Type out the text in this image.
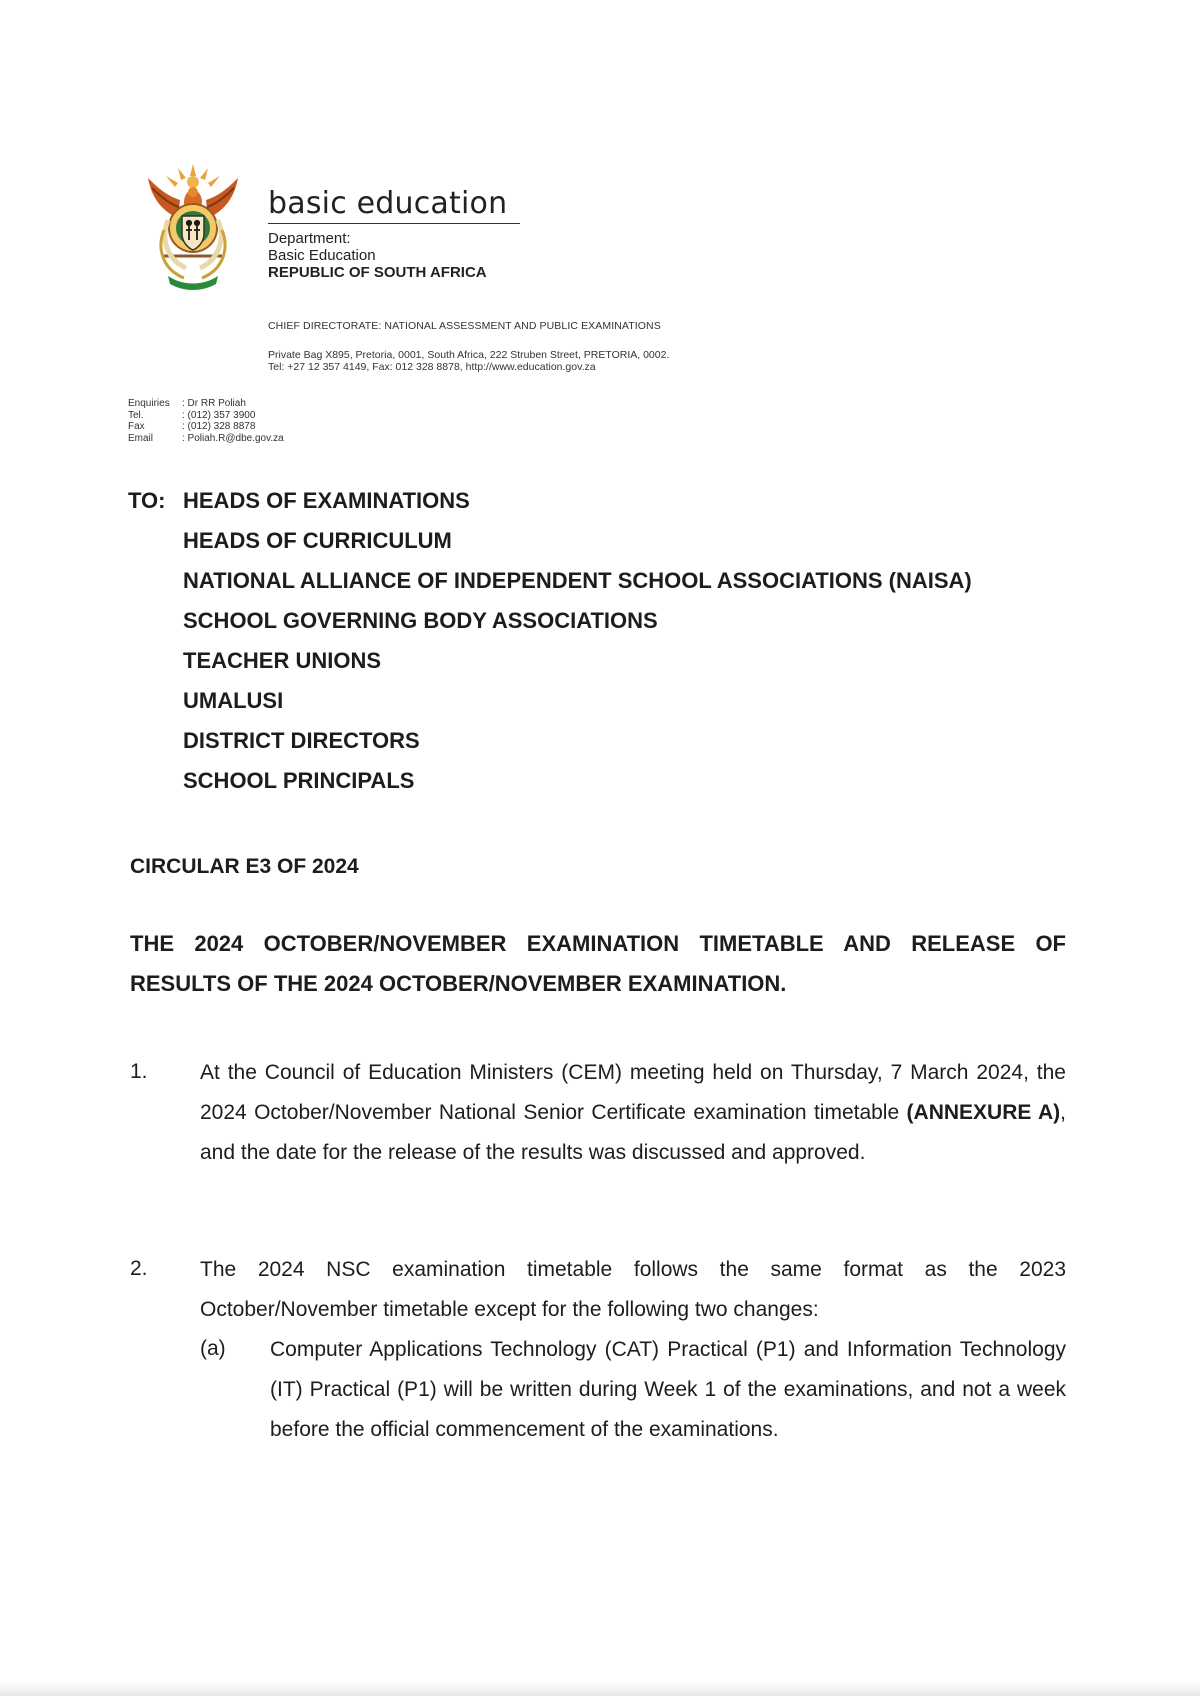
basic education
Department:
Basic Education
REPUBLIC OF SOUTH AFRICA
CHIEF DIRECTORATE: NATIONAL ASSESSMENT AND PUBLIC EXAMINATIONS
Private Bag X895, Pretoria, 0001, South Africa, 222 Struben Street, PRETORIA, 0002.
Tel: +27 12 357 4149, Fax: 012 328 8878, http://www.education.gov.za
Enquiries	: Dr RR Poliah
Tel.	: (012) 357 3900
Fax	: (012) 328 8878
Email	: Poliah.R@dbe.gov.za
TO: HEADS OF EXAMINATIONS
HEADS OF CURRICULUM
NATIONAL ALLIANCE OF INDEPENDENT SCHOOL ASSOCIATIONS (NAISA)
SCHOOL GOVERNING BODY ASSOCIATIONS
TEACHER UNIONS
UMALUSI
DISTRICT DIRECTORS
SCHOOL PRINCIPALS
CIRCULAR E3 OF 2024
THE 2024 OCTOBER/NOVEMBER EXAMINATION TIMETABLE AND RELEASE OF RESULTS OF THE 2024 OCTOBER/NOVEMBER EXAMINATION.
1. At the Council of Education Ministers (CEM) meeting held on Thursday, 7 March 2024, the 2024 October/November National Senior Certificate examination timetable (ANNEXURE A), and the date for the release of the results was discussed and approved.
2. The 2024 NSC examination timetable follows the same format as the 2023 October/November timetable except for the following two changes:
(a) Computer Applications Technology (CAT) Practical (P1) and Information Technology (IT) Practical (P1) will be written during Week 1 of the examinations, and not a week before the official commencement of the examinations.
